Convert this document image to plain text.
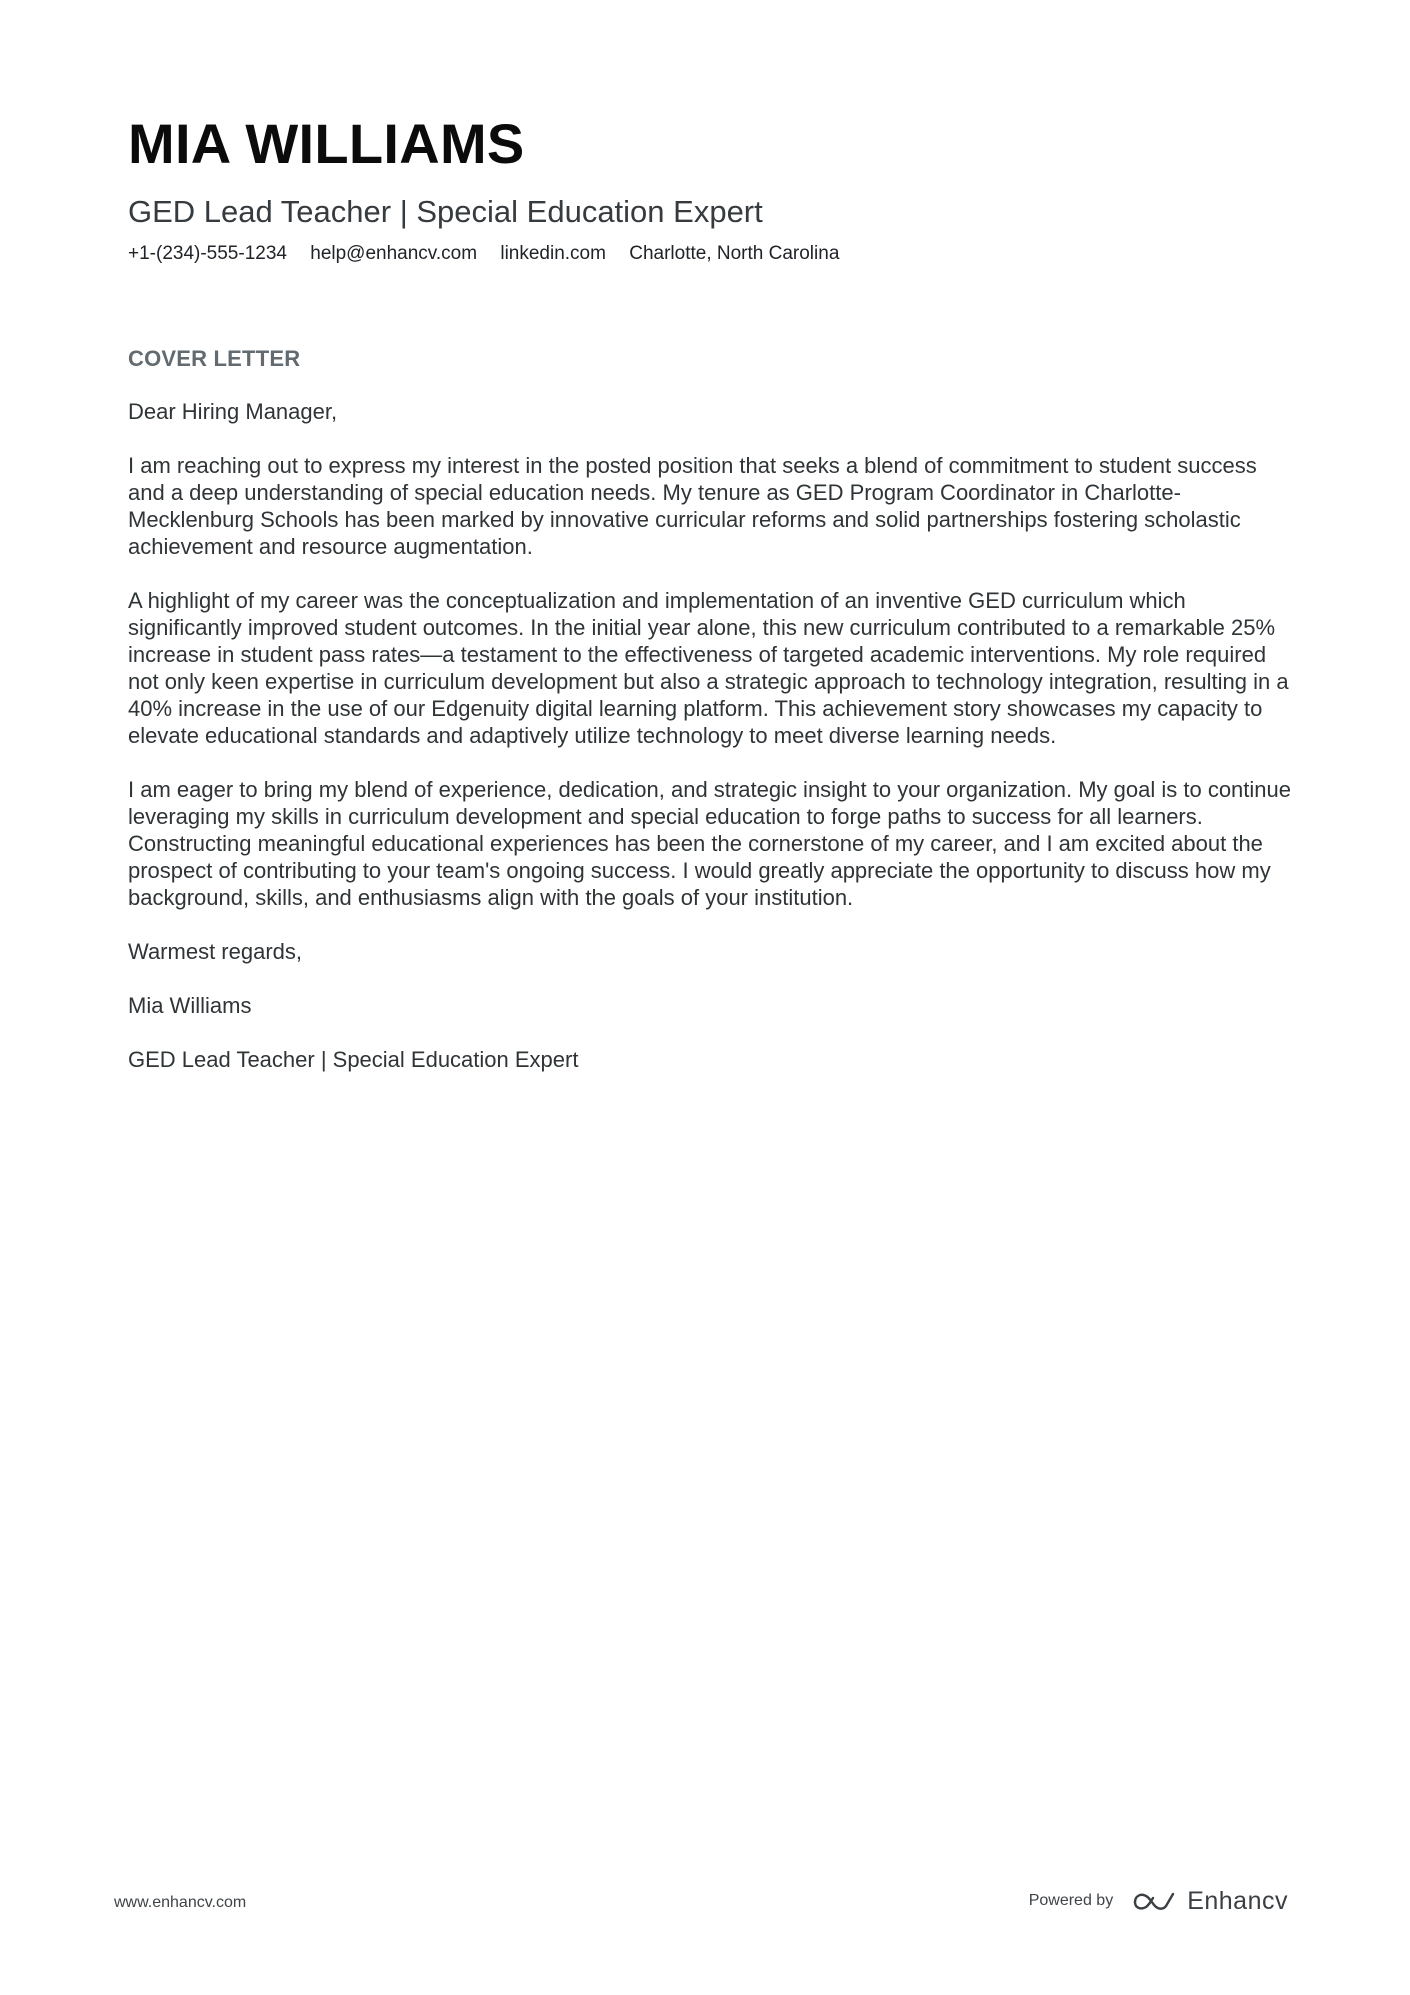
MIA WILLIAMS
GED Lead Teacher | Special Education Expert
+1-(234)-555-1234 help@enhancv.com linkedin.com Charlotte, North Carolina
COVER LETTER
Dear Hiring Manager,
I am reaching out to express my interest in the posted position that seeks a blend of commitment to student success and a deep understanding of special education needs. My tenure as GED Program Coordinator in Charlotte-Mecklenburg Schools has been marked by innovative curricular reforms and solid partnerships fostering scholastic achievement and resource augmentation.
A highlight of my career was the conceptualization and implementation of an inventive GED curriculum which significantly improved student outcomes. In the initial year alone, this new curriculum contributed to a remarkable 25% increase in student pass rates—a testament to the effectiveness of targeted academic interventions. My role required not only keen expertise in curriculum development but also a strategic approach to technology integration, resulting in a 40% increase in the use of our Edgenuity digital learning platform. This achievement story showcases my capacity to elevate educational standards and adaptively utilize technology to meet diverse learning needs.
I am eager to bring my blend of experience, dedication, and strategic insight to your organization. My goal is to continue leveraging my skills in curriculum development and special education to forge paths to success for all learners. Constructing meaningful educational experiences has been the cornerstone of my career, and I am excited about the prospect of contributing to your team's ongoing success. I would greatly appreciate the opportunity to discuss how my background, skills, and enthusiasms align with the goals of your institution.
Warmest regards,
Mia Williams
GED Lead Teacher | Special Education Expert
www.enhancv.com	Powered by	Enhancv
